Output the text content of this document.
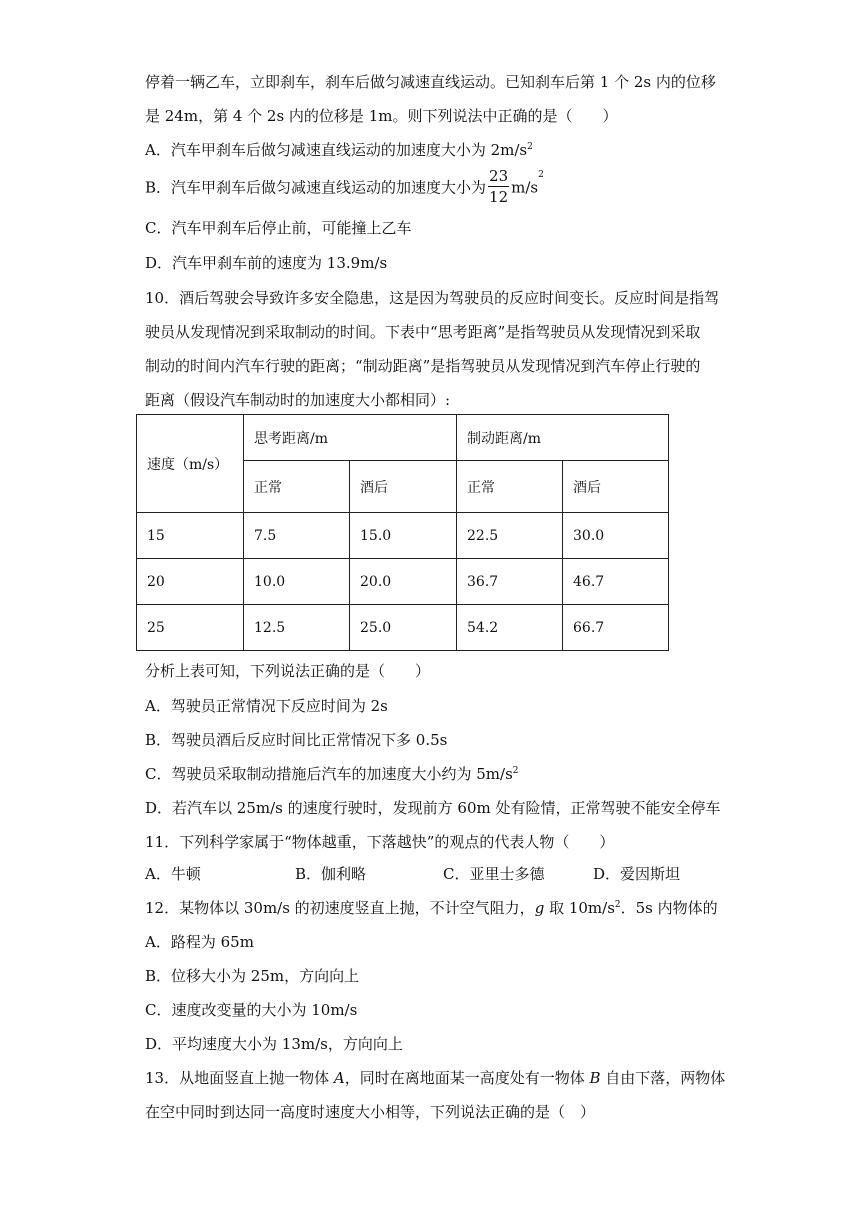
停着一辆乙车，立即刹车，刹车后做匀减速直线运动。已知刹车后第 1 个 2s 内的位移
是 24m，第 4 个 2s 内的位移是 1m。则下列说法中正确的是（　　）
A．汽车甲刹车后做匀减速直线运动的加速度大小为 $2m/s^2$
B．汽车甲刹车后做匀减速直线运动的加速度大小为 $\frac{23}{12} m/s^2$
C．汽车甲刹车后停止前，可能撞上乙车
D．汽车甲刹车前的速度为 13.9m/s
10．酒后驾驶会导致许多安全隐患，这是因为驾驶员的反应时间变长。反应时间是指驾
驶员从发现情况到采取制动的时间。下表中“思考距离”是指驾驶员从发现情况到采取
制动的时间内汽车行驶的距离；“制动距离”是指驾驶员从发现情况到汽车停止行驶的
距离（假设汽车制动时的加速度大小都相同）:
速度（m/s）	思考距离/m		制动距离/m	
	正常	酒后	正常	酒后
15	7.5	15.0	22.5	30.0
20	10.0	20.0	36.7	46.7
25	12.5	25.0	54.2	66.7
分析上表可知，下列说法正确的是（　　）
A．驾驶员正常情况下反应时间为 2s
B．驾驶员酒后反应时间比正常情况下多 0.5s
C．驾驶员采取制动措施后汽车的加速度大小约为 $5m/s^2$
D．若汽车以 25m/s 的速度行驶时，发现前方 60m 处有险情，正常驾驶不能安全停车
11．下列科学家属于“物体越重，下落越快”的观点的代表人物（　　）
A．牛顿	B．伽利略	C．亚里士多德	D．爱因斯坦
12．某物体以 30m/s 的初速度竖直上抛，不计空气阻力，g 取 $10m/s^2$．5s 内物体的
A．路程为 65m
B．位移大小为 25m，方向向上
C．速度改变量的大小为 10m/s
D．平均速度大小为 13m/s，方向向上
13．从地面竖直上抛一物体 A，同时在离地面某一高度处有一物体 B 自由下落，两物体
在空中同时到达同一高度时速度大小相等，下列说法正确的是（　）
